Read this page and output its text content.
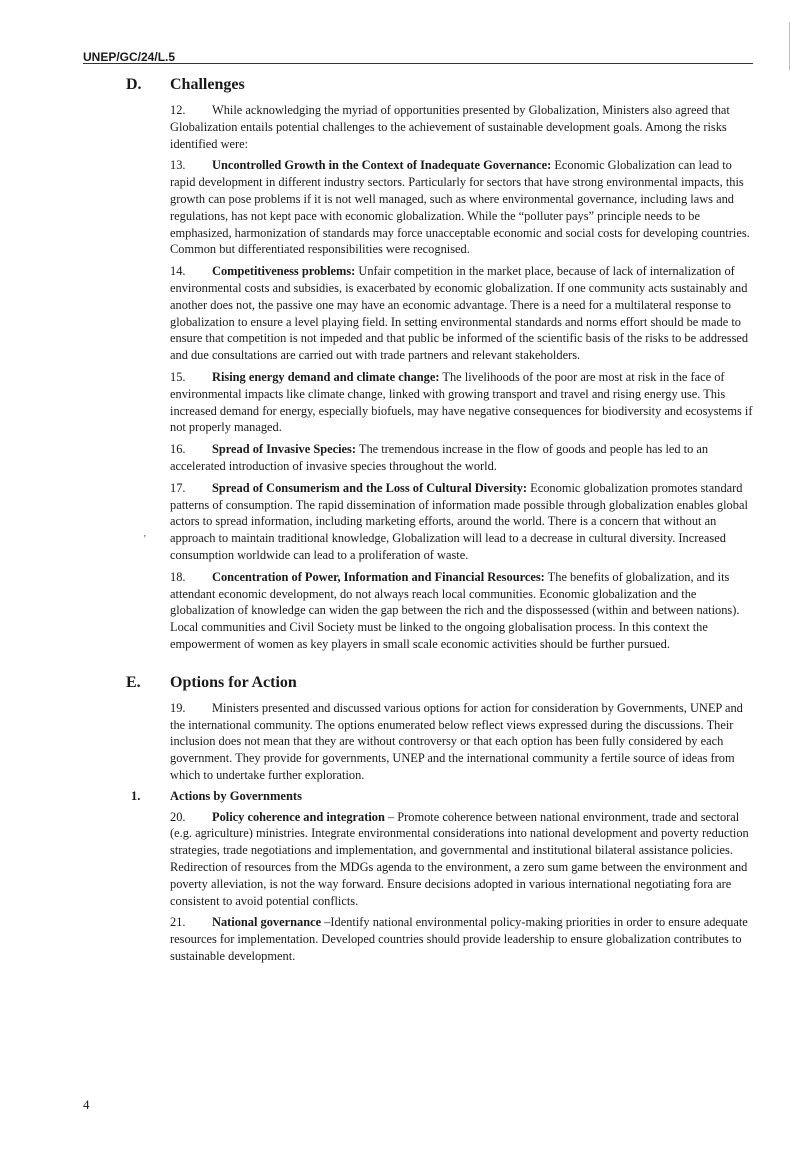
UNEP/GC/24/L.5
‚
D. Challenges

12. While acknowledging the myriad of opportunities presented by Globalization, Ministers also agreed that Globalization entails potential challenges to the achievement of sustainable development goals. Among the risks identified were:

13. Uncontrolled Growth in the Context of Inadequate Governance: Economic Globalization can lead to rapid development in different industry sectors. Particularly for sectors that have strong environmental impacts, this growth can pose problems if it is not well managed, such as where environmental governance, including laws and regulations, has not kept pace with economic globalization. While the “polluter pays” principle needs to be emphasized, harmonization of standards may force unacceptable economic and social costs for developing countries. Common but differentiated responsibilities were recognised.

14. Competitiveness problems: Unfair competition in the market place, because of lack of internalization of environmental costs and subsidies, is exacerbated by economic globalization. If one community acts sustainably and another does not, the passive one may have an economic advantage. There is a need for a multilateral response to globalization to ensure a level playing field. In setting environmental standards and norms effort should be made to ensure that competition is not impeded and that public be informed of the scientific basis of the risks to be addressed and due consultations are carried out with trade partners and relevant stakeholders.

15. Rising energy demand and climate change: The livelihoods of the poor are most at risk in the face of environmental impacts like climate change, linked with growing transport and travel and rising energy use. This increased demand for energy, especially biofuels, may have negative consequences for biodiversity and ecosystems if not properly managed.

16. Spread of Invasive Species: The tremendous increase in the flow of goods and people has led to an accelerated introduction of invasive species throughout the world.

17. Spread of Consumerism and the Loss of Cultural Diversity: Economic globalization promotes standard patterns of consumption. The rapid dissemination of information made possible through globalization enables global actors to spread information, including marketing efforts, around the world. There is a concern that without an approach to maintain traditional knowledge, Globalization will lead to a decrease in cultural diversity. Increased consumption worldwide can lead to a proliferation of waste.

18. Concentration of Power, Information and Financial Resources: The benefits of globalization, and its attendant economic development, do not always reach local communities. Economic globalization and the globalization of knowledge can widen the gap between the rich and the dispossessed (within and between nations). Local communities and Civil Society must be linked to the ongoing globalisation process. In this context the empowerment of women as key players in small scale economic activities should be further pursued.

E. Options for Action

19. Ministers presented and discussed various options for action for consideration by Governments, UNEP and the international community. The options enumerated below reflect views expressed during the discussions. Their inclusion does not mean that they are without controversy or that each option has been fully considered by each government. They provide for governments, UNEP and the international community a fertile source of ideas from which to undertake further exploration.

1. Actions by Governments

20. Policy coherence and integration – Promote coherence between national environment, trade and sectoral (e.g. agriculture) ministries. Integrate environmental considerations into national development and poverty reduction strategies, trade negotiations and implementation, and governmental and institutional bilateral assistance policies. Redirection of resources from the MDGs agenda to the environment, a zero sum game between the environment and poverty alleviation, is not the way forward. Ensure decisions adopted in various international negotiating fora are consistent to avoid potential conflicts.

21. National governance –Identify national environmental policy-making priorities in order to ensure adequate resources for implementation. Developed countries should provide leadership to ensure globalization contributes to sustainable development.

4
